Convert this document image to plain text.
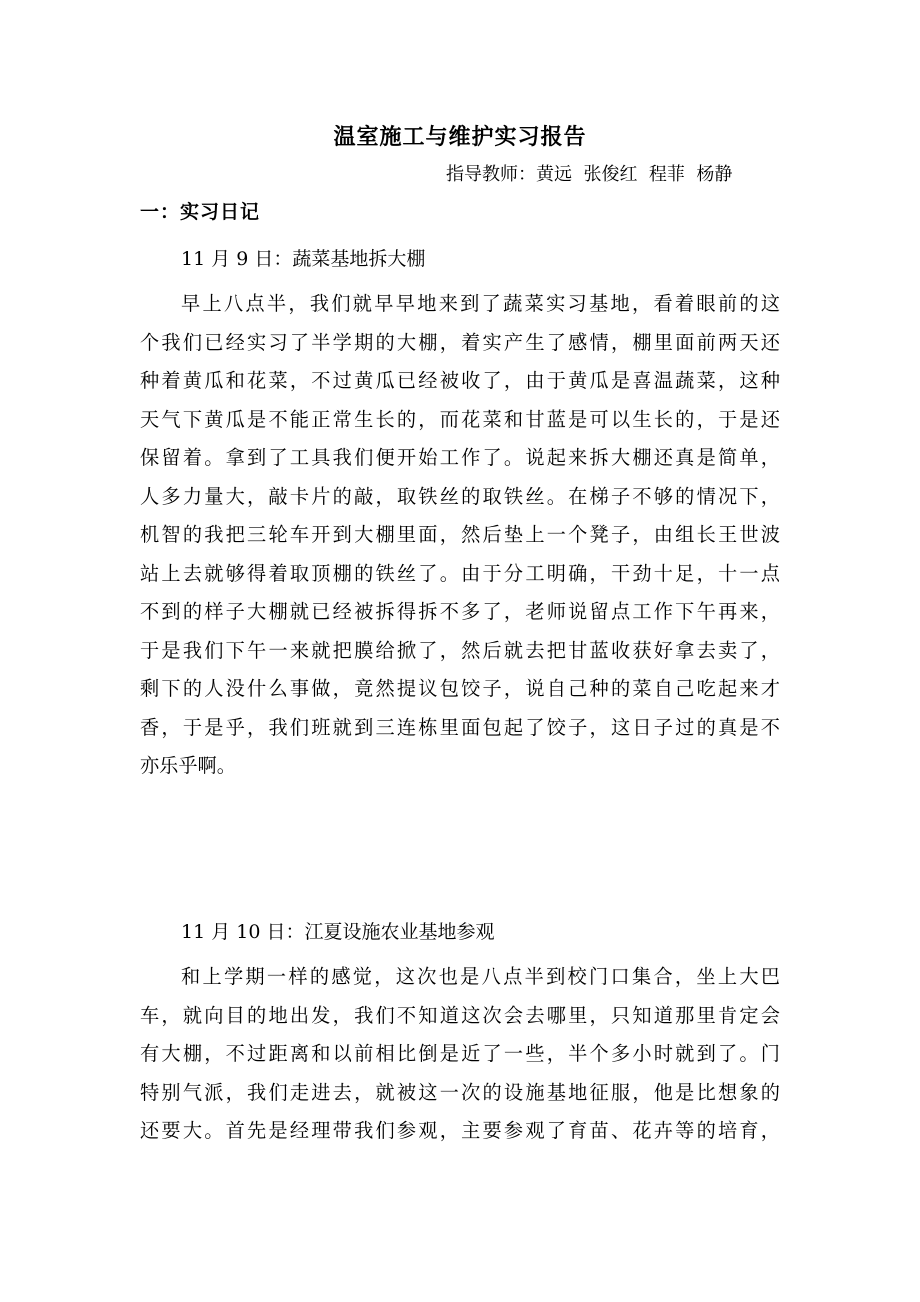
温室施工与维护实习报告
指导教师：黄远  张俊红  程菲  杨静
一：实习日记
11 月 9 日：蔬菜基地拆大棚
早上八点半，我们就早早地来到了蔬菜实习基地，看着眼前的这
个我们已经实习了半学期的大棚，着实产生了感情，棚里面前两天还
种着黄瓜和花菜，不过黄瓜已经被收了，由于黄瓜是喜温蔬菜，这种
天气下黄瓜是不能正常生长的，而花菜和甘蓝是可以生长的，于是还
保留着。拿到了工具我们便开始工作了。说起来拆大棚还真是简单，
人多力量大，敲卡片的敲，取铁丝的取铁丝。在梯子不够的情况下，
机智的我把三轮车开到大棚里面，然后垫上一个凳子，由组长王世波
站上去就够得着取顶棚的铁丝了。由于分工明确，干劲十足，十一点
不到的样子大棚就已经被拆得拆不多了，老师说留点工作下午再来，
于是我们下午一来就把膜给掀了，然后就去把甘蓝收获好拿去卖了，
剩下的人没什么事做，竟然提议包饺子，说自己种的菜自己吃起来才
香，于是乎，我们班就到三连栋里面包起了饺子，这日子过的真是不
亦乐乎啊。
11 月 10 日：江夏设施农业基地参观
和上学期一样的感觉，这次也是八点半到校门口集合，坐上大巴
车，就向目的地出发，我们不知道这次会去哪里，只知道那里肯定会
有大棚，不过距离和以前相比倒是近了一些，半个多小时就到了。门
特别气派，我们走进去，就被这一次的设施基地征服，他是比想象的
还要大。首先是经理带我们参观，主要参观了育苗、花卉等的培育，
